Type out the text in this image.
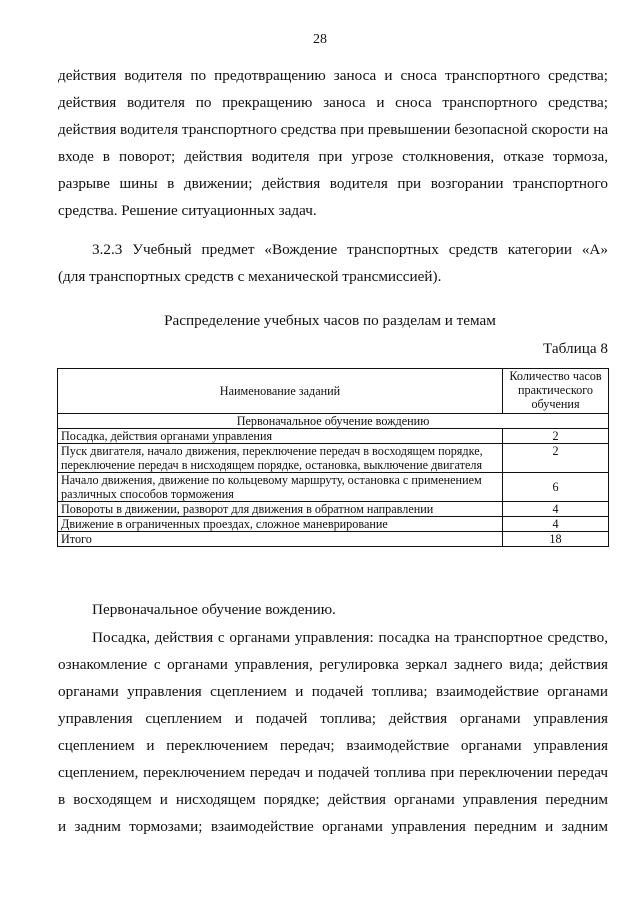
28
действия водителя по предотвращению заноса и сноса транспортного средства;
действия водителя по прекращению заноса и сноса транспортного средства;
действия водителя транспортного средства при превышении безопасной скорости на
входе в поворот; действия водителя при угрозе столкновения, отказе тормоза,
разрыве шины в движении; действия водителя при возгорании транспортного
средства. Решение ситуационных задач.
3.2.3 Учебный предмет «Вождение транспортных средств категории «А»
(для транспортных средств с механической трансмиссией).
Распределение учебных часов по разделам и темам
Таблица 8
Наименование заданий	Количество часов практического обучения
Первоначальное обучение вождению	
Посадка, действия органами управления	2
Пуск двигателя, начало движения, переключение передач в восходящем порядке, переключение передач в нисходящем порядке, остановка, выключение двигателя	2
Начало движения, движение по кольцевому маршруту, остановка с применением различных способов торможения	6
Повороты в движении, разворот для движения в обратном направлении	4
Движение в ограниченных проездах, сложное маневрирование	4
Итого	18
Первоначальное обучение вождению.
Посадка, действия с органами управления: посадка на транспортное средство,
ознакомление с органами управления, регулировка зеркал заднего вида; действия
органами управления сцеплением и подачей топлива; взаимодействие органами
управления сцеплением и подачей топлива; действия органами управления
сцеплением и переключением передач; взаимодействие органами управления
сцеплением, переключением передач и подачей топлива при переключении передач
в восходящем и нисходящем порядке; действия органами управления передним
и задним тормозами; взаимодействие органами управления передним и задним
